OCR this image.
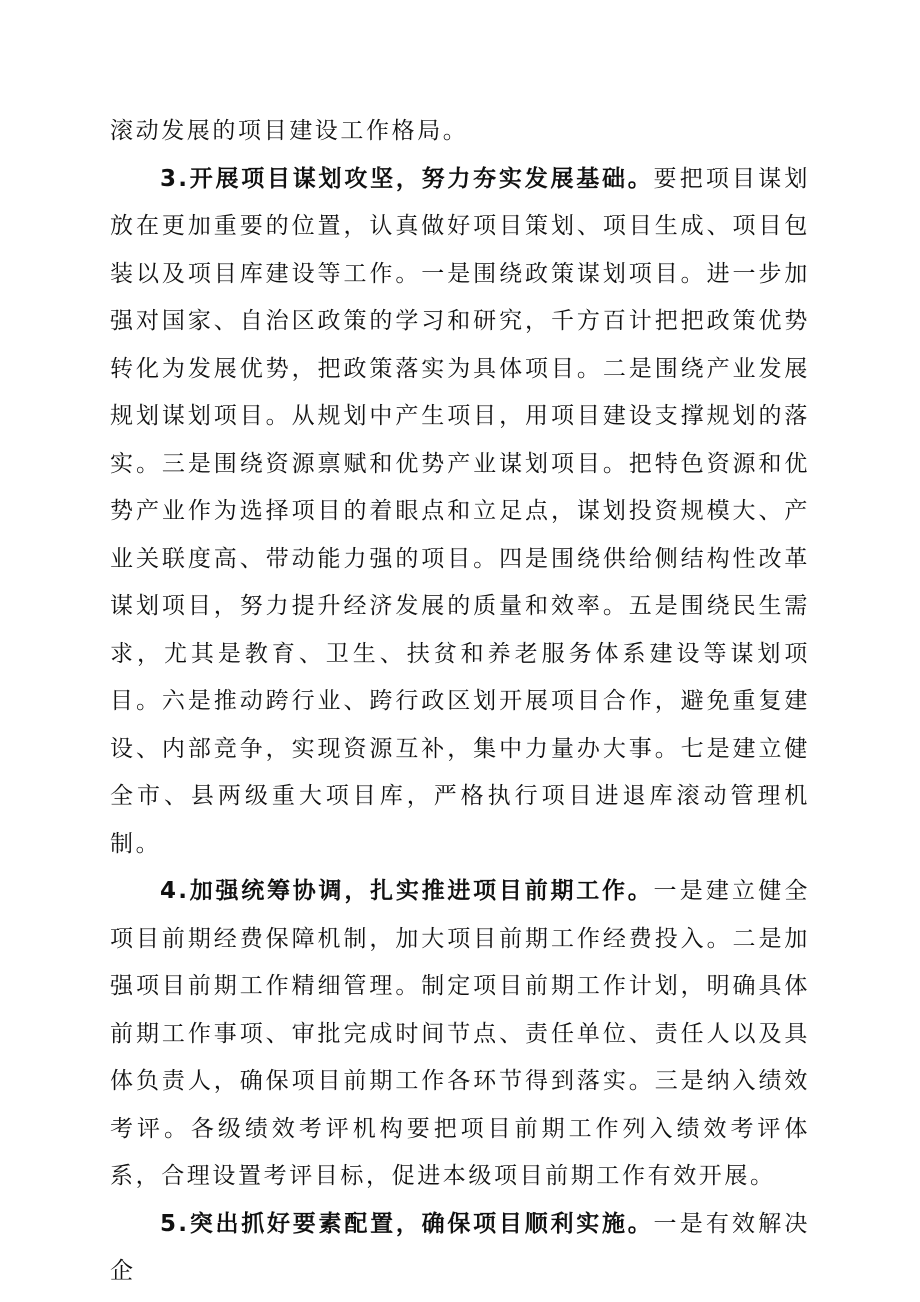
滚动发展的项目建设工作格局。

3.开展项目谋划攻坚，努力夯实发展基础。要把项目谋划放在更加重要的位置，认真做好项目策划、项目生成、项目包装以及项目库建设等工作。一是围绕政策谋划项目。进一步加强对国家、自治区政策的学习和研究，千方百计把把政策优势转化为发展优势，把政策落实为具体项目。二是围绕产业发展规划谋划项目。从规划中产生项目，用项目建设支撑规划的落实。三是围绕资源禀赋和优势产业谋划项目。把特色资源和优势产业作为选择项目的着眼点和立足点，谋划投资规模大、产业关联度高、带动能力强的项目。四是围绕供给侧结构性改革谋划项目，努力提升经济发展的质量和效率。五是围绕民生需求，尤其是教育、卫生、扶贫和养老服务体系建设等谋划项目。六是推动跨行业、跨行政区划开展项目合作，避免重复建设、内部竞争，实现资源互补，集中力量办大事。七是建立健全市、县两级重大项目库，严格执行项目进退库滚动管理机制。

4.加强统筹协调，扎实推进项目前期工作。一是建立健全项目前期经费保障机制，加大项目前期工作经费投入。二是加强项目前期工作精细管理。制定项目前期工作计划，明确具体前期工作事项、审批完成时间节点、责任单位、责任人以及具体负责人，确保项目前期工作各环节得到落实。三是纳入绩效考评。各级绩效考评机构要把项目前期工作列入绩效考评体系，合理设置考评目标，促进本级项目前期工作有效开展。

5.突出抓好要素配置，确保项目顺利实施。一是有效解决企
